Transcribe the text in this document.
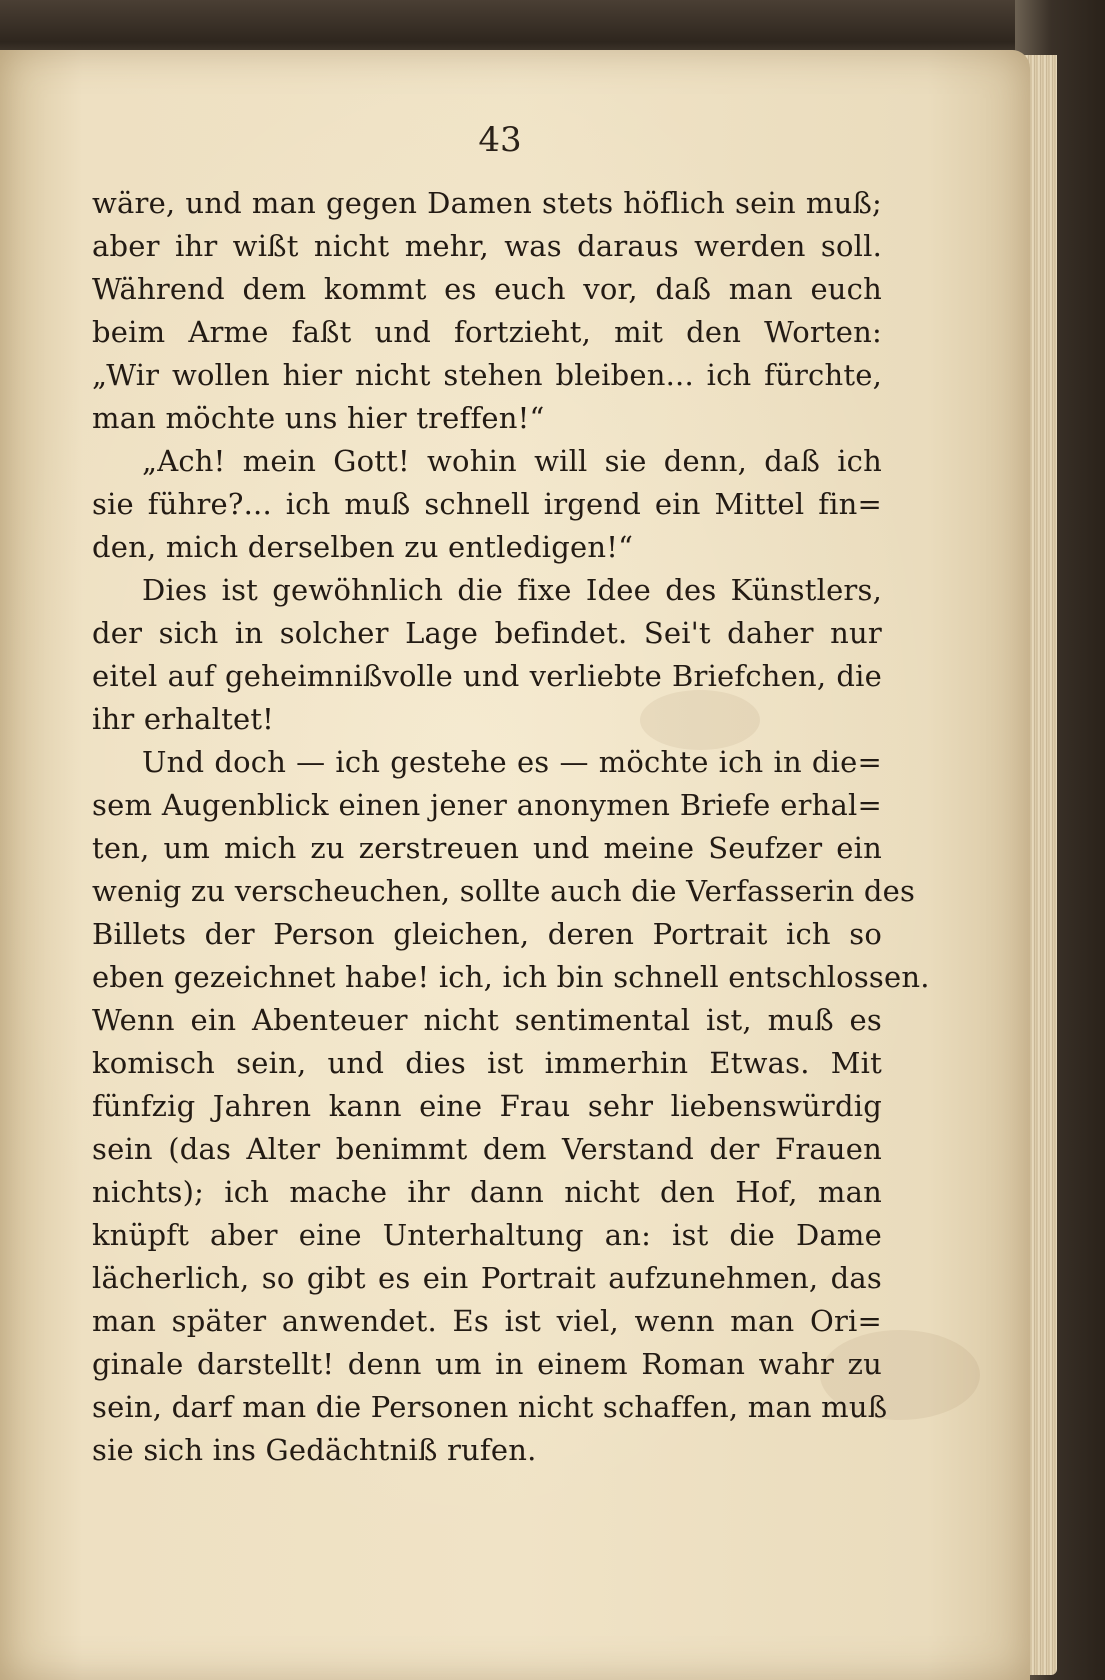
43

wäre, und man gegen Damen stets höflich sein muß;
aber ihr wißt nicht mehr, was daraus werden soll.
Während dem kommt es euch vor, daß man euch
beim Arme faßt und fortzieht, mit den Worten:
„Wir wollen hier nicht stehen bleiben... ich fürchte,
man möchte uns hier treffen!“
„Ach! mein Gott! wohin will sie denn, daß ich
sie führe?... ich muß schnell irgend ein Mittel fin=
den, mich derselben zu entledigen!“
Dies ist gewöhnlich die fixe Idee des Künstlers,
der sich in solcher Lage befindet. Sei't daher nur
eitel auf geheimnißvolle und verliebte Briefchen, die
ihr erhaltet!
Und doch — ich gestehe es — möchte ich in die=
sem Augenblick einen jener anonymen Briefe erhal=
ten, um mich zu zerstreuen und meine Seufzer ein
wenig zu verscheuchen, sollte auch die Verfasserin des
Billets der Person gleichen, deren Portrait ich so
eben gezeichnet habe! ich, ich bin schnell entschlossen.
Wenn ein Abenteuer nicht sentimental ist, muß es
komisch sein, und dies ist immerhin Etwas. Mit
fünfzig Jahren kann eine Frau sehr liebenswürdig
sein (das Alter benimmt dem Verstand der Frauen
nichts); ich mache ihr dann nicht den Hof, man
knüpft aber eine Unterhaltung an: ist die Dame
lächerlich, so gibt es ein Portrait aufzunehmen, das
man später anwendet. Es ist viel, wenn man Ori=
ginale darstellt! denn um in einem Roman wahr zu
sein, darf man die Personen nicht schaffen, man muß
sie sich ins Gedächtniß rufen.
